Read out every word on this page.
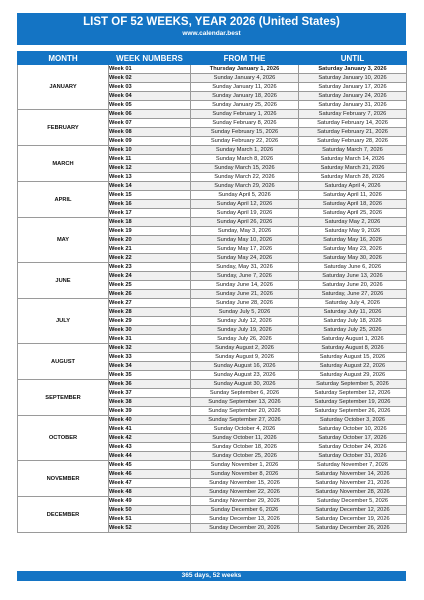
LIST OF 52 WEEKS, YEAR 2026 (United States)
www.calendar.best
MONTH	WEEK NUMBERS	FROM THE	UNTIL
JANUARY	Week 01	Thursday January 1, 2026	Saturday January 3, 2026
	Week 02	Sunday January 4, 2026	Saturday January 10, 2026
	Week 03	Sunday January 11, 2026	Saturday January 17, 2026
	Week 04	Sunday January 18, 2026	Saturday January 24, 2026
	Week 05	Sunday January 25, 2026	Saturday January 31, 2026
FEBRUARY	Week 06	Sunday February 1, 2026	Saturday February 7, 2026
	Week 07	Sunday February 8, 2026	Saturday February 14, 2026
	Week 08	Sunday February 15, 2026	Saturday February 21, 2026
	Week 09	Sunday February 22, 2026	Saturday February 28, 2026
MARCH	Week 10	Sunday March 1, 2026	Saturday March 7, 2026
	Week 11	Sunday March 8, 2026	Saturday March 14, 2026
	Week 12	Sunday March 15, 2026	Saturday March 21, 2026
	Week 13	Sunday March 22, 2026	Saturday March 28, 2026
APRIL	Week 14	Sunday March 29, 2026	Saturday April 4, 2026
	Week 15	Sunday April 5, 2026	Saturday April 11, 2026
	Week 16	Sunday April 12, 2026	Saturday April 18, 2026
	Week 17	Sunday April 19, 2026	Saturday April 25, 2026
MAY	Week 18	Sunday April 26, 2026	Saturday May 2, 2026
	Week 19	Sunday, May 3, 2026	Saturday May 9, 2026
	Week 20	Sunday May 10, 2026	Saturday May 16, 2026
	Week 21	Sunday May 17, 2026	Saturday May 23, 2026
	Week 22	Sunday May 24, 2026	Saturday May 30, 2026
JUNE	Week 23	Sunday, May 31, 2026	Saturday June 6, 2026
	Week 24	Sunday, June 7, 2026	Saturday June 13, 2026
	Week 25	Sunday June 14, 2026	Saturday June 20, 2026
	Week 26	Sunday June 21, 2026	Saturday, June 27, 2026
JULY	Week 27	Sunday June 28, 2026	Saturday July 4, 2026
	Week 28	Sunday July 5, 2026	Saturday July 11, 2026
	Week 29	Sunday July 12, 2026	Saturday July 18, 2026
	Week 30	Sunday July 19, 2026	Saturday July 25, 2026
	Week 31	Sunday July 26, 2026	Saturday August 1, 2026
AUGUST	Week 32	Sunday August 2, 2026	Saturday August 8, 2026
	Week 33	Sunday August 9, 2026	Saturday August 15, 2026
	Week 34	Sunday August 16, 2026	Saturday August 22, 2026
	Week 35	Sunday August 23, 2026	Saturday August 29, 2026
SEPTEMBER	Week 36	Sunday August 30, 2026	Saturday September 5, 2026
	Week 37	Sunday September 6, 2026	Saturday September 12, 2026
	Week 38	Sunday September 13, 2026	Saturday September 19, 2026
	Week 39	Sunday September 20, 2026	Saturday September 26, 2026
OCTOBER	Week 40	Sunday September 27, 2026	Saturday October 3, 2026
	Week 41	Sunday October 4, 2026	Saturday October 10, 2026
	Week 42	Sunday October 11, 2026	Saturday October 17, 2026
	Week 43	Sunday October 18, 2026	Saturday October 24, 2026
	Week 44	Sunday October 25, 2026	Saturday October 31, 2026
NOVEMBER	Week 45	Sunday November 1, 2026	Saturday November 7, 2026
	Week 46	Sunday November 8, 2026	Saturday November 14, 2026
	Week 47	Sunday November 15, 2026	Saturday November 21, 2026
	Week 48	Sunday November 22, 2026	Saturday November 28, 2026
DECEMBER	Week 49	Sunday November 29, 2026	Saturday December 5, 2026
	Week 50	Sunday December 6, 2026	Saturday December 12, 2026
	Week 51	Sunday December 13, 2026	Saturday December 19, 2026
	Week 52	Sunday December 20, 2026	Saturday December 26, 2026
365 days, 52 weeks
